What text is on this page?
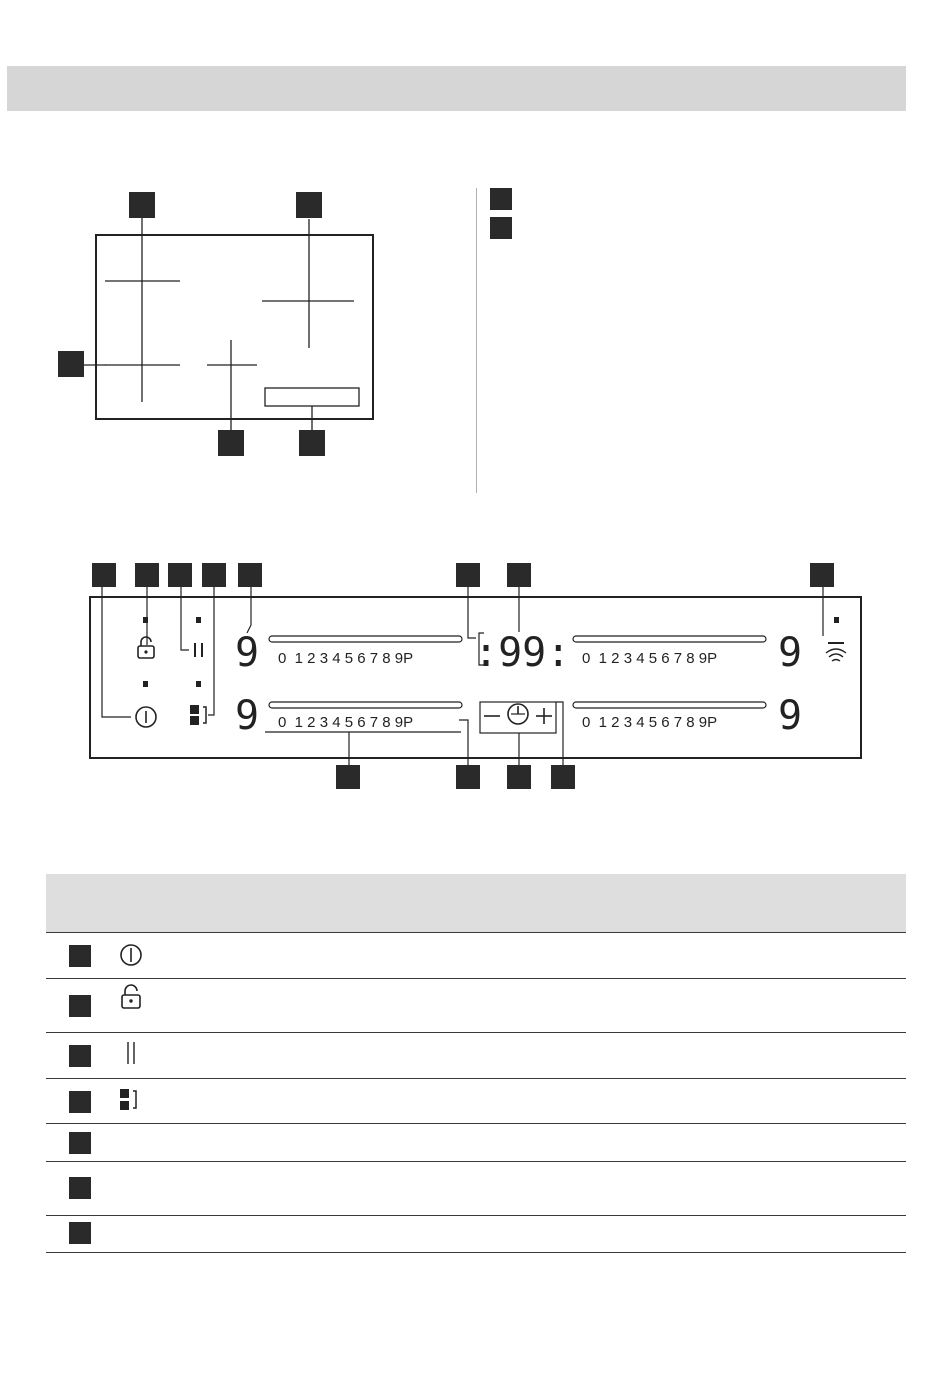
9
9
9
9
:99:
0  1 2 3 4 5 6 7 8 9P	0  1 2 3 4 5 6 7 8 9P
0  1 2 3 4 5 6 7 8 9P	0  1 2 3 4 5 6 7 8 9P
